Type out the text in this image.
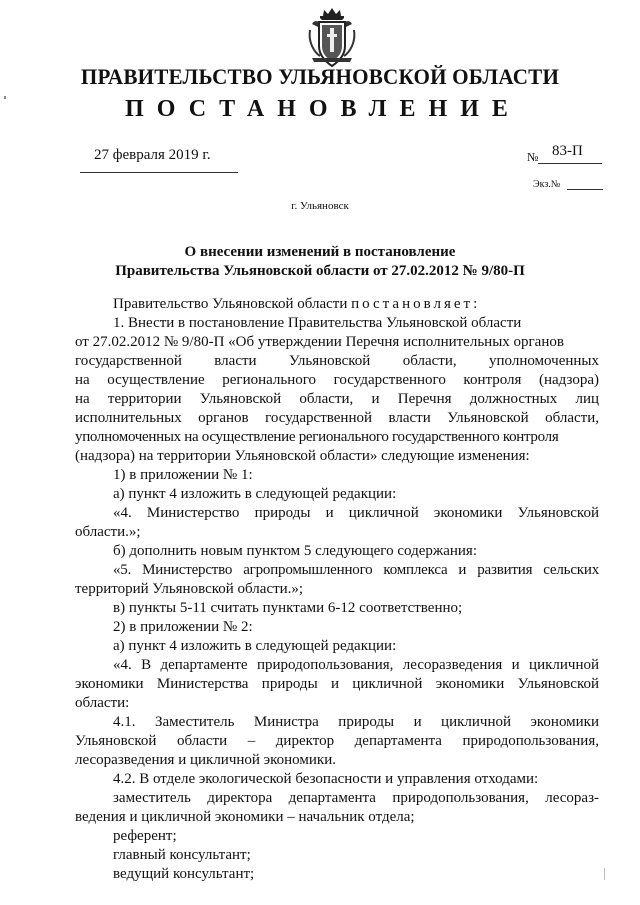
ПРАВИТЕЛЬСТВО УЛЬЯНОВСКОЙ ОБЛАСТИ
ПОСТАНОВЛЕНИЕ
27 февраля 2019 г.	№ 83-П
Экз.№
г. Ульяновск
О внесении изменений в постановление
Правительства Ульяновской области от 27.02.2012 № 9/80-П

Правительство Ульяновской области постановляет:

1. Внести в постановление Правительства Ульяновской области

от 27.02.2012 № 9/80-П «Об утверждении Перечня исполнительных органов

государственной власти Ульяновской области, уполномоченных

на осуществление регионального государственного контроля (надзора)

на территории Ульяновской области, и Перечня должностных лиц

исполнительных органов государственной власти Ульяновской области,

уполномоченных на осуществление регионального государственного контроля

(надзора) на территории Ульяновской области» следующие изменения:

1) в приложении № 1:

а) пункт 4 изложить в следующей редакции:

«4. Министерство природы и цикличной экономики Ульяновской

области.»;

б) дополнить новым пунктом 5 следующего содержания:

«5. Министерство агропромышленного комплекса и развития сельских

территорий Ульяновской области.»;

в) пункты 5-11 считать пунктами 6-12 соответственно;

2) в приложении № 2:

а) пункт 4 изложить в следующей редакции:

«4. В департаменте природопользования, лесоразведения и цикличной

экономики Министерства природы и цикличной экономики Ульяновской

области:

4.1. Заместитель Министра природы и цикличной экономики

Ульяновской области – директор департамента природопользования,

лесоразведения и цикличной экономики.

4.2. В отделе экологической безопасности и управления отходами:

заместитель директора департамента природопользования, лесораз-

ведения и цикличной экономики – начальник отдела;

референт;

главный консультант;

ведущий консультант;
